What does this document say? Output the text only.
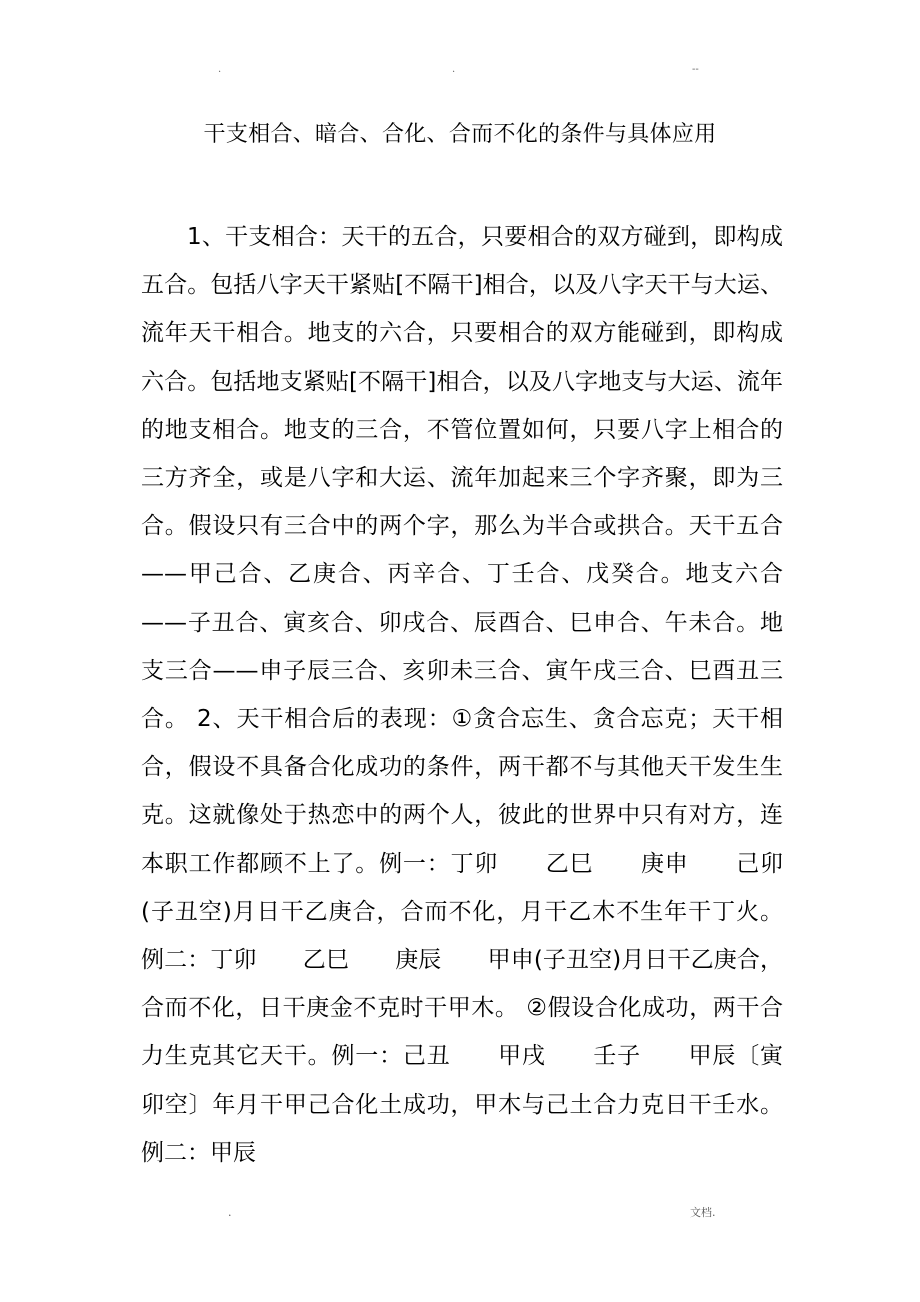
.	.	--
干支相合、暗合、合化、合而不化的条件与具体应用

1、干支相合：天干的五合，只要相合的双方碰到，即构成五合。包括八字天干紧贴[不隔干]相合，以及八字天干与大运、流年天干相合。地支的六合，只要相合的双方能碰到，即构成六合。包括地支紧贴[不隔干]相合，以及八字地支与大运、流年的地支相合。地支的三合，不管位置如何，只要八字上相合的三方齐全，或是八字和大运、流年加起来三个字齐聚，即为三合。假设只有三合中的两个字，那么为半合或拱合。天干五合——甲己合、乙庚合、丙辛合、丁壬合、戊癸合。地支六合——子丑合、寅亥合、卯戌合、辰酉合、巳申合、午未合。地支三合——申子辰三合、亥卯未三合、寅午戌三合、巳酉丑三合。 2、天干相合后的表现：①贪合忘生、贪合忘克；天干相合，假设不具备合化成功的条件，两干都不与其他天干发生生克。这就像处于热恋中的两个人，彼此的世界中只有对方，连本职工作都顾不上了。例一：丁卯　　乙巳　　庚申　　己卯(子丑空)月日干乙庚合，合而不化，月干乙木不生年干丁火。 例二：丁卯　　乙巳　　庚辰　　甲申(子丑空)月日干乙庚合，合而不化，日干庚金不克时干甲木。 ②假设合化成功，两干合力生克其它天干。例一：己丑　　甲戌　　壬子　　甲辰〔寅卯空〕年月干甲己合化土成功，甲木与己土合力克日干壬水。 例二：甲辰

.	文档.
